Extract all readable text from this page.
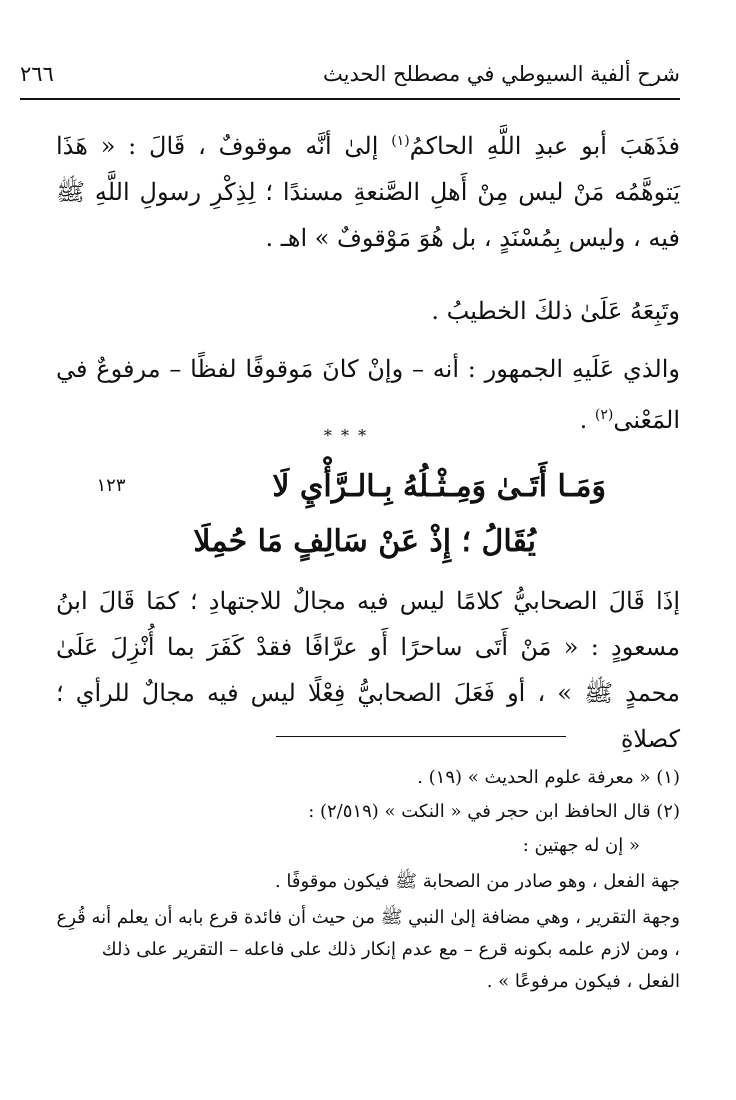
شرح ألفية السيوطي في مصطلح الحديث
٢٦٦

فذَهَبَ أبو عبدِ اللَّهِ الحاكمُ$^{(١)}$ إلىٰ أنَّه موقوفٌ ، قَالَ : « هَذَا يَتوهَّمُه مَنْ ليس مِنْ أَهلِ الصَّنعةِ مسندًا ؛ لِذِكْرِ رسولِ اللَّهِ ﷺ فيه ، وليس بِمُسْنَدٍ ، بل هُوَ مَوْقوفٌ » اهـ .

وتَبِعَهُ عَلَىٰ ذلكَ الخطيبُ .

والذي عَلَيهِ الجمهور : أنه – وإنْ كانَ مَوقوفًا لفظًا – مرفوعٌ في المَعْنى$^{(٢)}$ .

* * *
١٢٣	وَمَـا أَتَـىٰ وَمِـثْـلُهُ بِـالـرَّأْيِ لَا
يُقَالُ ؛ إِذْ عَنْ سَالِفٍ مَا حُمِلَا

إذَا قَالَ الصحابيُّ كلامًا ليس فيه مجالٌ للاجتهادِ ؛ كمَا قَالَ ابنُ مسعودٍ : « مَنْ أَتَى ساحرًا أَو عرَّافًا فقدْ كَفَرَ بما أُنْزِلَ عَلَىٰ محمدٍ ﷺ » ، أو فَعَلَ الصحابيُّ فِعْلًا ليس فيه مجالٌ للرأي ؛ كصلاةِ

(١) « معرفة علوم الحديث » (١٩) .
(٢) قال الحافظ ابن حجر في « النكت » (٢/٥١٩) :
« إن له جهتين :
جهة الفعل ، وهو صادر من الصحابة ﷺ فيكون موقوفًا .
وجهة التقرير ، وهي مضافة إلىٰ النبي ﷺ من حيث أن فائدة قرع بابه أن يعلم أنه قُرِع ، ومن لازم علمه بكونه قرع – مع عدم إنكار ذلك على فاعله – التقرير على ذلك الفعل ، فيكون مرفوعًا » .
